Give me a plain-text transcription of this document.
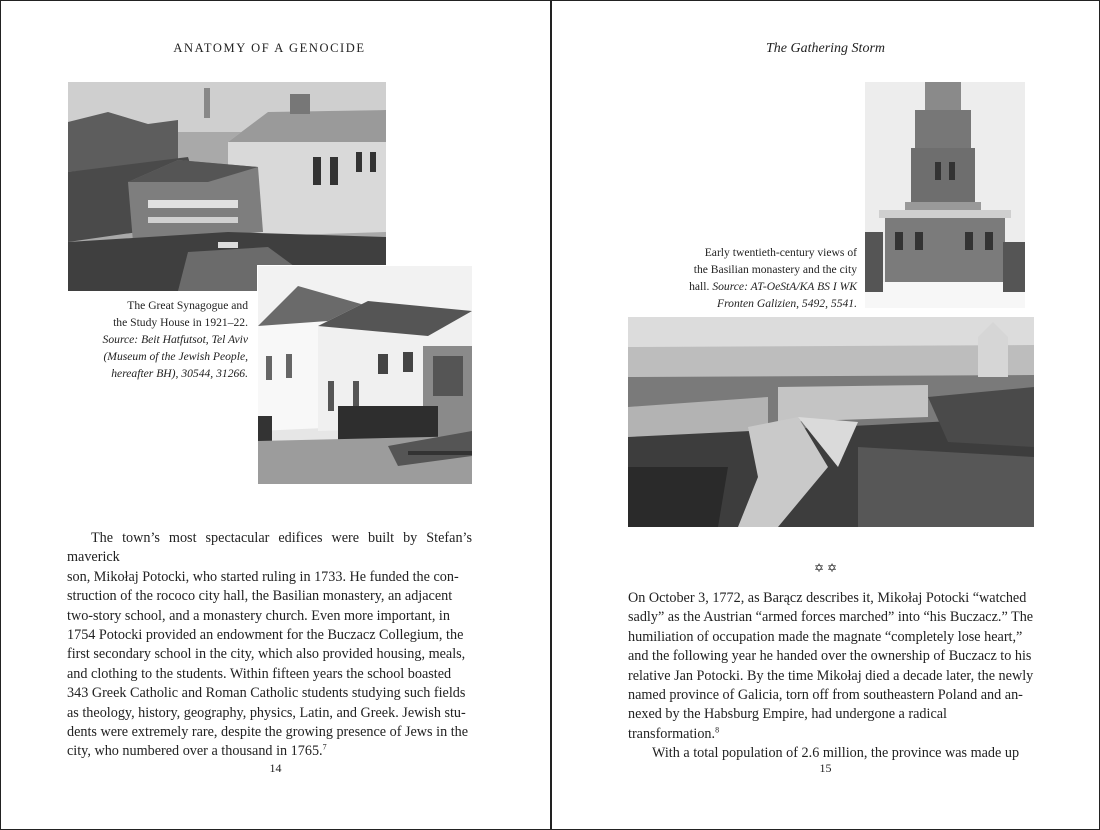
ANATOMY OF A GENOCIDE
The Great Synagogue and
the Study House in 1921–22.
Source: Beit Hatfutsot, Tel Aviv
(Museum of the Jewish People,
hereafter BH), 30544, 31266.

The town’s most spectacular edifices were built by Stefan’s maverick

son, Mikołaj Potocki, who started ruling in 1733. He funded the con-

struction of the rococo city hall, the Basilian monastery, an adjacent

two-story school, and a monastery church. Even more important, in

1754 Potocki provided an endowment for the Buczacz Collegium, the

first secondary school in the city, which also provided housing, meals,

and clothing to the students. Within fifteen years the school boasted

343 Greek Catholic and Roman Catholic students studying such fields

as theology, history, geography, physics, Latin, and Greek. Jewish stu-

dents were extremely rare, despite the growing presence of Jews in the

city, who numbered over a thousand in 1765.$^7$

14
The Gathering Storm
Early twentieth-century views of
the Basilian monastery and the city
hall. Source: AT-OeStA/KA BS I WK
Fronten Galizien, 5492, 5541.
✡ ✡

On October 3, 1772, as Barącz describes it, Mikołaj Potocki “watched

sadly” as the Austrian “armed forces marched” into “his Buczacz.” The

humiliation of occupation made the magnate “completely lose heart,”

and the following year he handed over the ownership of Buczacz to his

relative Jan Potocki. By the time Mikołaj died a decade later, the newly

named province of Galicia, torn off from southeastern Poland and an-

nexed by the Habsburg Empire, had undergone a radical transformation.$^8$

With a total population of 2.6 million, the province was made up

15
